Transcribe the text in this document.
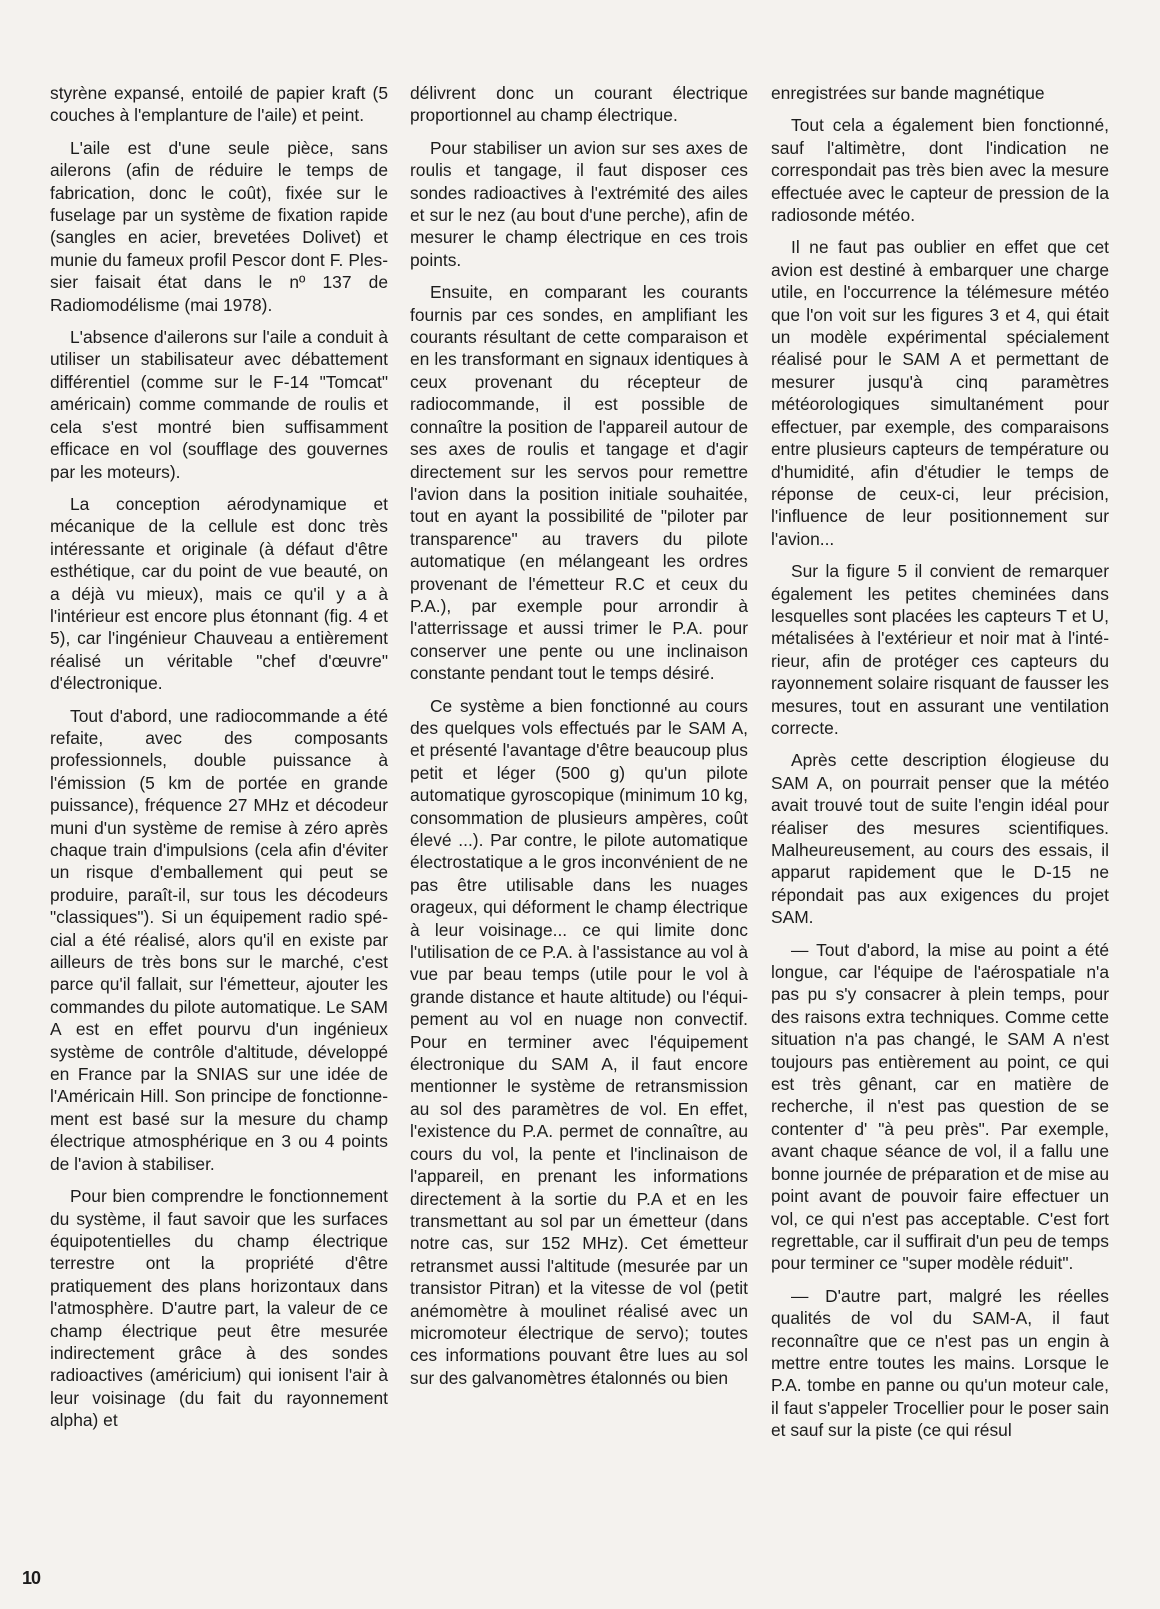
styrène expansé, entoilé de papier kraft (5 couches à l'emplanture de l'aile) et peint.

L'aile est d'une seule pièce, sans ailerons (afin de réduire le temps de fabrication, donc le coût), fixée sur le fuselage par un système de fixation rapide (sangles en acier, brevetées Dolivet) et munie du fameux profil Pescor dont F. Plessier faisait état dans le nº 137 de Radiomodélisme (mai 1978).

L'absence d'ailerons sur l'aile a conduit à utiliser un stabilisateur avec débattement différentiel (comme sur le F-14 "Tomcat" américain) comme commande de roulis et cela s'est montré bien suffisamment efficace en vol (soufflage des gouvernes par les moteurs).

La conception aérodynamique et mécanique de la cellule est donc très intéressante et originale (à défaut d'être esthétique, car du point de vue beauté, on a déjà vu mieux), mais ce qu'il y a à l'intérieur est encore plus étonnant (fig. 4 et 5), car l'ingénieur Chauveau a entièrement réalisé un véritable "chef d'œuvre" d'électronique.

Tout d'abord, une radiocommande a été refaite, avec des composants professionnels, double puissance à l'émission (5 km de portée en grande puissance), fréquence 27 MHz et décodeur muni d'un système de remise à zéro après chaque train d'impulsions (cela afin d'éviter un risque d'emballement qui peut se produire, paraît-il, sur tous les décodeurs "classiques"). Si un équipement radio spécial a été réalisé, alors qu'il en existe par ailleurs de très bons sur le marché, c'est parce qu'il fallait, sur l'émetteur, ajouter les commandes du pilote automatique. Le SAM A est en effet pourvu d'un ingénieux système de contrôle d'altitude, développé en France par la SNIAS sur une idée de l'Américain Hill. Son principe de fonctionnement est basé sur la mesure du champ électrique atmosphérique en 3 ou 4 points de l'avion à stabiliser.

Pour bien comprendre le fonctionnement du système, il faut savoir que les surfaces équipotentielles du champ électrique terrestre ont la propriété d'être pratiquement des plans horizontaux dans l'atmosphère. D'autre part, la valeur de ce champ électrique peut être mesurée indirectement grâce à des sondes radioactives (américium) qui ionisent l'air à leur voisinage (du fait du rayonnement alpha) et

délivrent donc un courant électrique proportionnel au champ électrique.

Pour stabiliser un avion sur ses axes de roulis et tangage, il faut disposer ces sondes radioactives à l'extrémité des ailes et sur le nez (au bout d'une perche), afin de mesurer le champ électrique en ces trois points.

Ensuite, en comparant les courants fournis par ces sondes, en amplifiant les courants résultant de cette comparaison et en les transformant en signaux identiques à ceux provenant du récepteur de radiocommande, il est possible de connaître la position de l'appareil autour de ses axes de roulis et tangage et d'agir directement sur les servos pour remettre l'avion dans la position initiale souhaitée, tout en ayant la possibilité de "piloter par transparence" au travers du pilote automatique (en mélangeant les ordres provenant de l'émetteur R.C et ceux du P.A.), par exemple pour arrondir à l'atterrissage et aussi trimer le P.A. pour conserver une pente ou une inclinaison constante pendant tout le temps désiré.

Ce système a bien fonctionné au cours des quelques vols effectués par le SAM A, et présenté l'avantage d'être beaucoup plus petit et léger (500 g) qu'un pilote automatique gyroscopique (minimum 10 kg, consommation de plusieurs ampères, coût élevé ...). Par contre, le pilote automatique électrostatique a le gros inconvénient de ne pas être utilisable dans les nuages orageux, qui déforment le champ électrique à leur voisinage... ce qui limite donc l'utilisation de ce P.A. à l'assistance au vol à vue par beau temps (utile pour le vol à grande distance et haute altitude) ou l'équipement au vol en nuage non convectif. Pour en terminer avec l'équipement électronique du SAM A, il faut encore mentionner le système de retransmission au sol des paramètres de vol. En effet, l'existence du P.A. permet de connaître, au cours du vol, la pente et l'inclinaison de l'appareil, en prenant les informations directement à la sortie du P.A et en les transmettant au sol par un émetteur (dans notre cas, sur 152 MHz). Cet émetteur retransmet aussi l'altitude (mesurée par un transistor Pitran) et la vitesse de vol (petit anémomètre à moulinet réalisé avec un micromoteur électrique de servo); toutes ces informations pouvant être lues au sol sur des galvanomètres étalonnés ou bien

enregistrées sur bande magnétique

Tout cela a également bien fonctionné, sauf l'altimètre, dont l'indication ne correspondait pas très bien avec la mesure effectuée avec le capteur de pression de la radiosonde météo.

Il ne faut pas oublier en effet que cet avion est destiné à embarquer une charge utile, en l'occurrence la télémesure météo que l'on voit sur les figures 3 et 4, qui était un modèle expérimental spécialement réalisé pour le SAM A et permettant de mesurer jusqu'à cinq paramètres météorologiques simultanément pour effectuer, par exemple, des comparaisons entre plusieurs capteurs de température ou d'humidité, afin d'étudier le temps de réponse de ceux-ci, leur précision, l'influence de leur positionnement sur l'avion...

Sur la figure 5 il convient de remarquer également les petites cheminées dans lesquelles sont placées les capteurs T et U, métalisées à l'extérieur et noir mat à l'intérieur, afin de protéger ces capteurs du rayonnement solaire risquant de fausser les mesures, tout en assurant une ventilation correcte.

Après cette description élogieuse du SAM A, on pourrait penser que la météo avait trouvé tout de suite l'engin idéal pour réaliser des mesures scientifiques. Malheureusement, au cours des essais, il apparut rapidement que le D-15 ne répondait pas aux exigences du projet SAM.

— Tout d'abord, la mise au point a été longue, car l'équipe de l'aérospatiale n'a pas pu s'y consacrer à plein temps, pour des raisons extra techniques. Comme cette situation n'a pas changé, le SAM A n'est toujours pas entièrement au point, ce qui est très gênant, car en matière de recherche, il n'est pas question de se contenter d' "à peu près". Par exemple, avant chaque séance de vol, il a fallu une bonne journée de préparation et de mise au point avant de pouvoir faire effectuer un vol, ce qui n'est pas acceptable. C'est fort regrettable, car il suffirait d'un peu de temps pour terminer ce "super modèle réduit".

— D'autre part, malgré les réelles qualités de vol du SAM-A, il faut reconnaître que ce n'est pas un engin à mettre entre toutes les mains. Lorsque le P.A. tombe en panne ou qu'un moteur cale, il faut s'appeler Trocellier pour le poser sain et sauf sur la piste (ce qui résul

10
